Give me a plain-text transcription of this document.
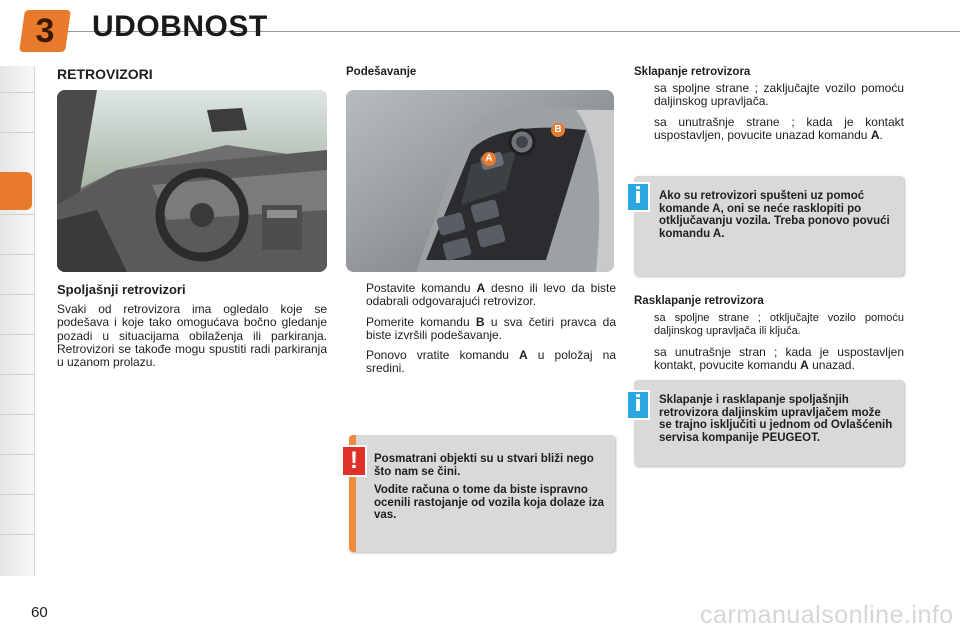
3	UDOBNOST
RETROVIZORI
A
B
Spoljašnji retrovizori
Svaki od retrovizora ima ogledalo koje se podešava i koje tako omogućava bočno gledanje pozadi u situacijama obilaženja ili parkiranja. Retrovizori se takođe mogu spustiti radi parkiranja u uzanom prolazu.
Podešavanje
Postavite komandu A desno ili levo da biste odabrali odgovarajući retrovizor.
Pomerite komandu B u sva četiri pravca da biste izvršili podešavanje.
Ponovo vratite komandu A u položaj na sredini.
Posmatrani objekti su u stvari bliži nego što nam se čini.
Vodite računa o tome da biste ispravno ocenili rastojanje od vozila koja dolaze iza vas.
!
Sklapanje retrovizora
sa spoljne strane ; zaključajte vozilo pomoću daljinskog upravljača.
sa unutrašnje strane ; kada je kontakt uspostavljen, povucite unazad komandu A.
Ako su retrovizori spušteni uz pomoć komande A, oni se neće rasklopiti po otključavanju vozila. Treba ponovo povući komandu A.
i
Rasklapanje retrovizora
sa spoljne strane ; otključajte vozilo pomoću daljinskog upravljača ili ključa.
sa unutrašnje stran ; kada je uspostavljen kontakt, povucite komandu A unazad.
Sklapanje i rasklapanje spoljašnjih retrovizora daljinskim upravljačem može se trajno isključiti u jednom od Ovlašćenih servisa kompanije PEUGEOT.
i
60	carmanualsonline.info
